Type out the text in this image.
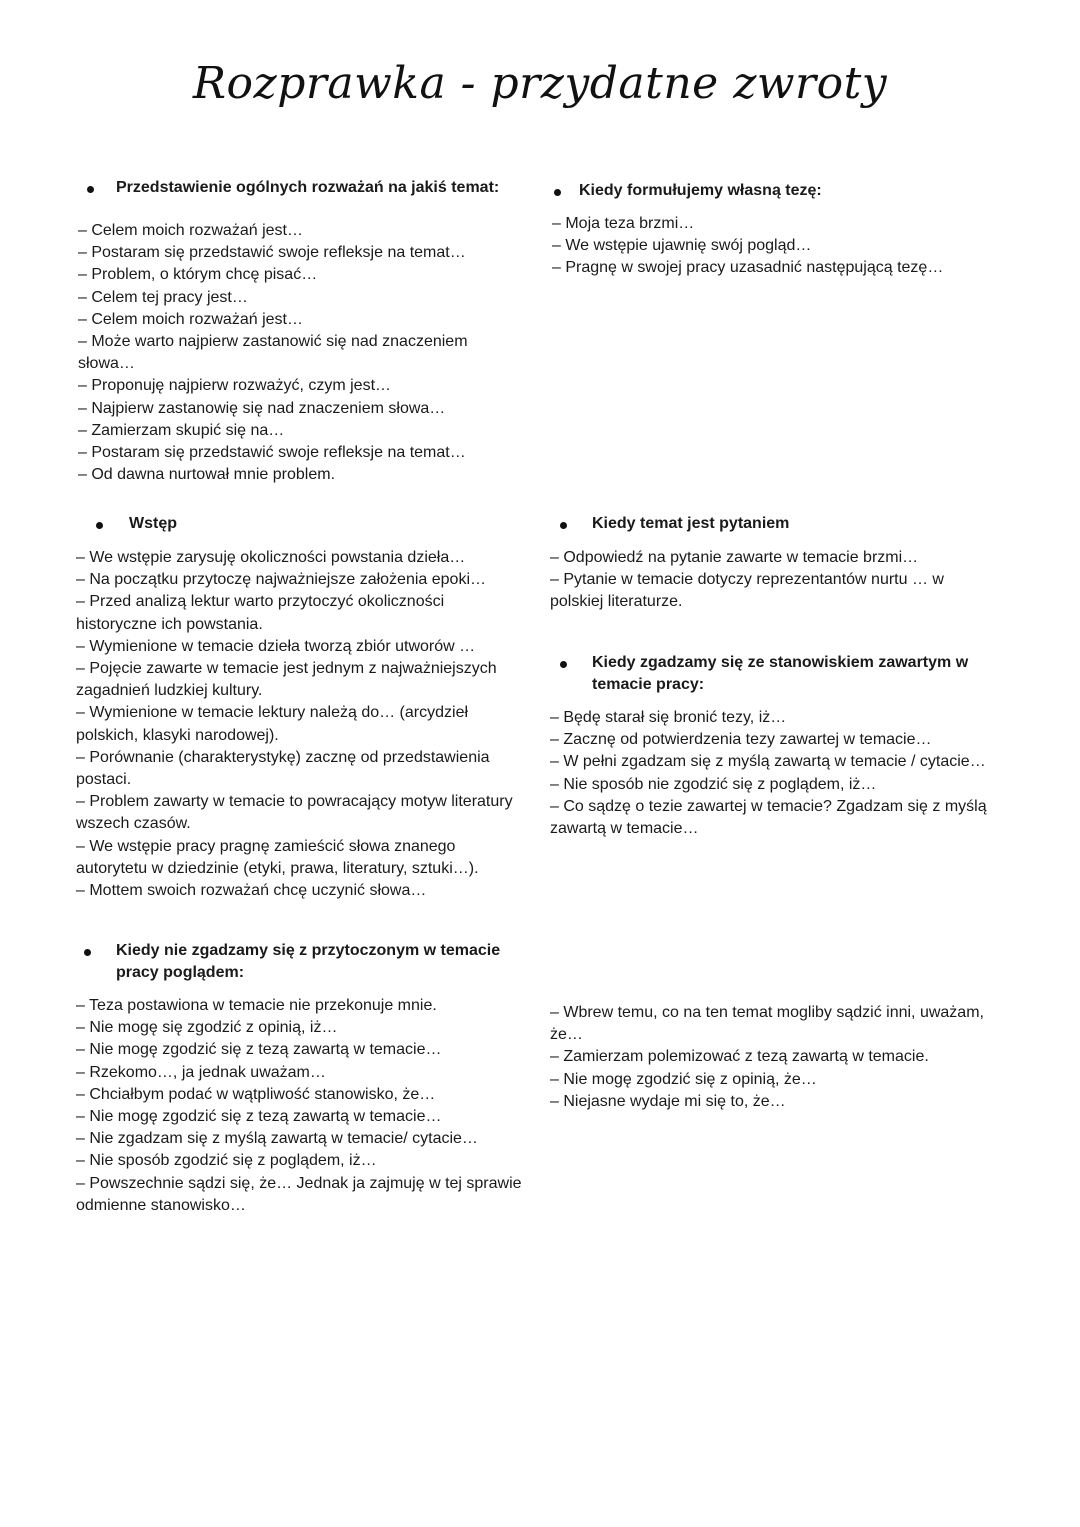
Rozprawka - przydatne zwroty
Przedstawienie ogólnych rozważań na jakiś temat:
– Celem moich rozważań jest…
– Postaram się przedstawić swoje refleksje na temat…
– Problem, o którym chcę pisać…
– Celem tej pracy jest…
– Celem moich rozważań jest…
– Może warto najpierw zastanowić się nad znaczeniem słowa…
– Proponuję najpierw rozważyć, czym jest…
– Najpierw zastanowię się nad znaczeniem słowa…
– Zamierzam skupić się na…
– Postaram się przedstawić swoje refleksje na temat…
– Od dawna nurtował mnie problem.
Kiedy formułujemy własną tezę:
– Moja teza brzmi…
– We wstępie ujawnię swój pogląd…
– Pragnę w swojej pracy uzasadnić następującą tezę…
Wstęp
– We wstępie zarysuję okoliczności powstania dzieła…
– Na początku przytoczę najważniejsze założenia epoki…
– Przed analizą lektur warto przytoczyć okoliczności historyczne ich powstania.
– Wymienione w temacie dzieła tworzą zbiór utworów …
– Pojęcie zawarte w temacie jest jednym z najważniejszych zagadnień ludzkiej kultury.
– Wymienione w temacie lektury należą do… (arcydzieł polskich, klasyki narodowej).
– Porównanie (charakterystykę) zacznę od przedstawienia postaci.
– Problem zawarty w temacie to powracający motyw literatury wszech czasów.
– We wstępie pracy pragnę zamieścić słowa znanego autorytetu w dziedzinie (etyki, prawa, literatury, sztuki…).
– Mottem swoich rozważań chcę uczynić słowa…
Kiedy temat jest pytaniem
– Odpowiedź na pytanie zawarte w temacie brzmi…
– Pytanie w temacie dotyczy reprezentantów nurtu … w polskiej literaturze.
Kiedy zgadzamy się ze stanowiskiem zawartym w temacie pracy:
– Będę starał się bronić tezy, iż…
– Zacznę od potwierdzenia tezy zawartej w temacie…
– W pełni zgadzam się z myślą zawartą w temacie / cytacie…
– Nie sposób nie zgodzić się z poglądem, iż…
– Co sądzę o tezie zawartej w temacie? Zgadzam się z myślą zawartą w temacie…
Kiedy nie zgadzamy się z przytoczonym w temacie pracy poglądem:
– Teza postawiona w temacie nie przekonuje mnie.
– Nie mogę się zgodzić z opinią, iż…
– Nie mogę zgodzić się z tezą zawartą w temacie…
– Rzekomo…, ja jednak uważam…
– Chciałbym podać w wątpliwość stanowisko, że…
– Nie mogę zgodzić się z tezą zawartą w temacie…
– Nie zgadzam się z myślą zawartą w temacie/ cytacie…
– Nie sposób zgodzić się z poglądem, iż…
– Powszechnie sądzi się, że… Jednak ja zajmuję w tej sprawie odmienne stanowisko…
– Wbrew temu, co na ten temat mogliby sądzić inni, uważam, że…
– Zamierzam polemizować z tezą zawartą w temacie.
– Nie mogę zgodzić się z opinią, że…
– Niejasne wydaje mi się to, że…
